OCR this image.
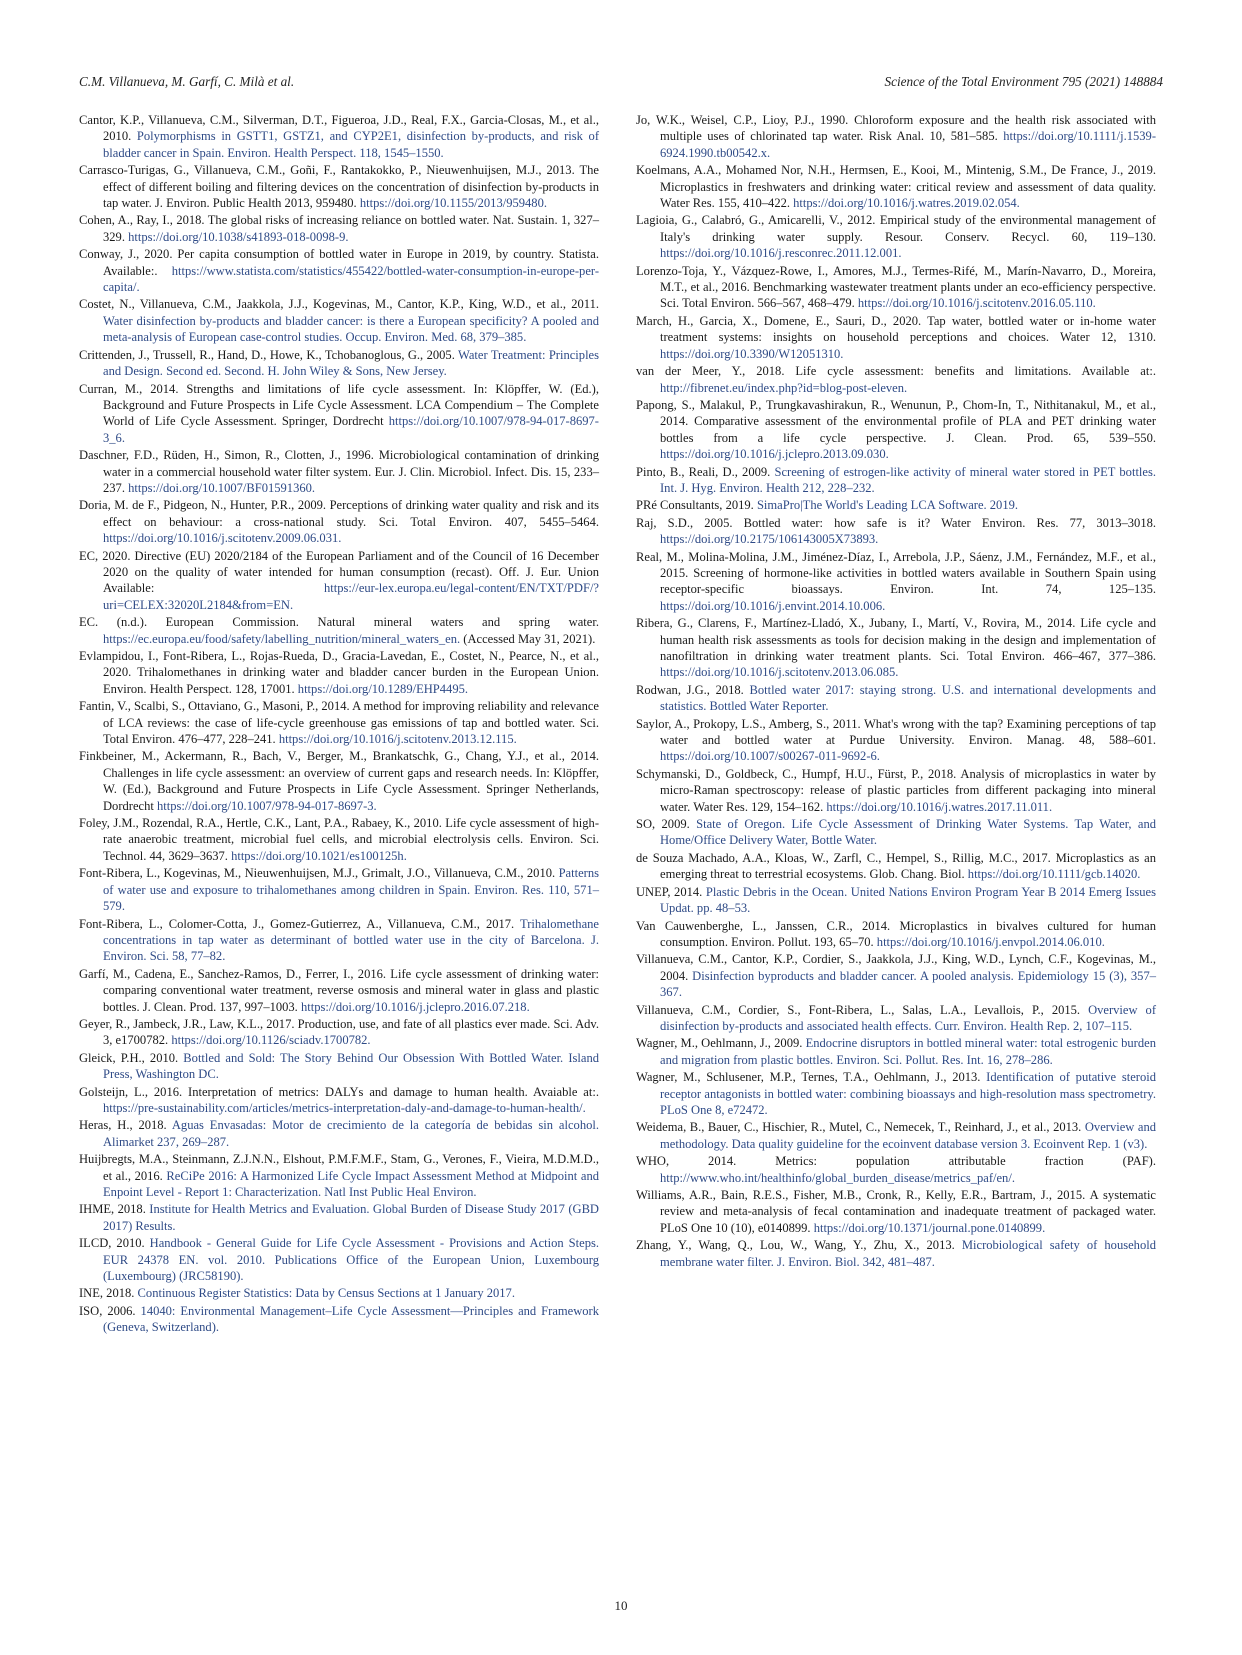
C.M. Villanueva, M. Garfí, C. Milà et al.	Science of the Total Environment 795 (2021) 148884

Cantor, K.P., Villanueva, C.M., Silverman, D.T., Figueroa, J.D., Real, F.X., Garcia-Closas, M., et al., 2010. Polymorphisms in GSTT1, GSTZ1, and CYP2E1, disinfection by-products, and risk of bladder cancer in Spain. Environ. Health Perspect. 118, 1545–1550.

Carrasco-Turigas, G., Villanueva, C.M., Goñi, F., Rantakokko, P., Nieuwenhuijsen, M.J., 2013. The effect of different boiling and filtering devices on the concentration of disinfection by-products in tap water. J. Environ. Public Health 2013, 959480. https://doi.org/10.1155/2013/959480.

Cohen, A., Ray, I., 2018. The global risks of increasing reliance on bottled water. Nat. Sustain. 1, 327–329. https://doi.org/10.1038/s41893-018-0098-9.

Conway, J., 2020. Per capita consumption of bottled water in Europe in 2019, by country. Statista. Available:. https://www.statista.com/statistics/455422/bottled-water-consumption-in-europe-per-capita/.

Costet, N., Villanueva, C.M., Jaakkola, J.J., Kogevinas, M., Cantor, K.P., King, W.D., et al., 2011. Water disinfection by-products and bladder cancer: is there a European specificity? A pooled and meta-analysis of European case-control studies. Occup. Environ. Med. 68, 379–385.

Crittenden, J., Trussell, R., Hand, D., Howe, K., Tchobanoglous, G., 2005. Water Treatment: Principles and Design. Second ed. Second. H. John Wiley & Sons, New Jersey.

Curran, M., 2014. Strengths and limitations of life cycle assessment. In: Klöpffer, W. (Ed.), Background and Future Prospects in Life Cycle Assessment. LCA Compendium – The Complete World of Life Cycle Assessment. Springer, Dordrecht https://doi.org/10.1007/978-94-017-8697-3_6.

Daschner, F.D., Rüden, H., Simon, R., Clotten, J., 1996. Microbiological contamination of drinking water in a commercial household water filter system. Eur. J. Clin. Microbiol. Infect. Dis. 15, 233–237. https://doi.org/10.1007/BF01591360.

Doria, M. de F., Pidgeon, N., Hunter, P.R., 2009. Perceptions of drinking water quality and risk and its effect on behaviour: a cross-national study. Sci. Total Environ. 407, 5455–5464. https://doi.org/10.1016/j.scitotenv.2009.06.031.

EC, 2020. Directive (EU) 2020/2184 of the European Parliament and of the Council of 16 December 2020 on the quality of water intended for human consumption (recast). Off. J. Eur. Union Available: https://eur-lex.europa.eu/legal-content/EN/TXT/PDF/?uri=CELEX:32020L2184&from=EN.

EC. (n.d.). European Commission. Natural mineral waters and spring water. https://ec.europa.eu/food/safety/labelling_nutrition/mineral_waters_en. (Accessed May 31, 2021).

Evlampidou, I., Font-Ribera, L., Rojas-Rueda, D., Gracia-Lavedan, E., Costet, N., Pearce, N., et al., 2020. Trihalomethanes in drinking water and bladder cancer burden in the European Union. Environ. Health Perspect. 128, 17001. https://doi.org/10.1289/EHP4495.

Fantin, V., Scalbi, S., Ottaviano, G., Masoni, P., 2014. A method for improving reliability and relevance of LCA reviews: the case of life-cycle greenhouse gas emissions of tap and bottled water. Sci. Total Environ. 476–477, 228–241. https://doi.org/10.1016/j.scitotenv.2013.12.115.

Finkbeiner, M., Ackermann, R., Bach, V., Berger, M., Brankatschk, G., Chang, Y.J., et al., 2014. Challenges in life cycle assessment: an overview of current gaps and research needs. In: Klöpffer, W. (Ed.), Background and Future Prospects in Life Cycle Assessment. Springer Netherlands, Dordrecht https://doi.org/10.1007/978-94-017-8697-3.

Foley, J.M., Rozendal, R.A., Hertle, C.K., Lant, P.A., Rabaey, K., 2010. Life cycle assessment of high-rate anaerobic treatment, microbial fuel cells, and microbial electrolysis cells. Environ. Sci. Technol. 44, 3629–3637. https://doi.org/10.1021/es100125h.

Font-Ribera, L., Kogevinas, M., Nieuwenhuijsen, M.J., Grimalt, J.O., Villanueva, C.M., 2010. Patterns of water use and exposure to trihalomethanes among children in Spain. Environ. Res. 110, 571–579.

Font-Ribera, L., Colomer-Cotta, J., Gomez-Gutierrez, A., Villanueva, C.M., 2017. Trihalomethane concentrations in tap water as determinant of bottled water use in the city of Barcelona. J. Environ. Sci. 58, 77–82.

Garfí, M., Cadena, E., Sanchez-Ramos, D., Ferrer, I., 2016. Life cycle assessment of drinking water: comparing conventional water treatment, reverse osmosis and mineral water in glass and plastic bottles. J. Clean. Prod. 137, 997–1003. https://doi.org/10.1016/j.jclepro.2016.07.218.

Geyer, R., Jambeck, J.R., Law, K.L., 2017. Production, use, and fate of all plastics ever made. Sci. Adv. 3, e1700782. https://doi.org/10.1126/sciadv.1700782.

Gleick, P.H., 2010. Bottled and Sold: The Story Behind Our Obsession With Bottled Water. Island Press, Washington DC.

Golsteijn, L., 2016. Interpretation of metrics: DALYs and damage to human health. Avaiable at:. https://pre-sustainability.com/articles/metrics-interpretation-daly-and-damage-to-human-health/.

Heras, H., 2018. Aguas Envasadas: Motor de crecimiento de la categoría de bebidas sin alcohol. Alimarket 237, 269–287.

Huijbregts, M.A., Steinmann, Z.J.N.N., Elshout, P.M.F.M.F., Stam, G., Verones, F., Vieira, M.D.M.D., et al., 2016. ReCiPe 2016: A Harmonized Life Cycle Impact Assessment Method at Midpoint and Enpoint Level - Report 1: Characterization. Natl Inst Public Heal Environ.

IHME, 2018. Institute for Health Metrics and Evaluation. Global Burden of Disease Study 2017 (GBD 2017) Results.

ILCD, 2010. Handbook - General Guide for Life Cycle Assessment - Provisions and Action Steps. EUR 24378 EN. vol. 2010. Publications Office of the European Union, Luxembourg (Luxembourg) (JRC58190).

INE, 2018. Continuous Register Statistics: Data by Census Sections at 1 January 2017.

ISO, 2006. 14040: Environmental Management–Life Cycle Assessment—Principles and Framework (Geneva, Switzerland).

Jo, W.K., Weisel, C.P., Lioy, P.J., 1990. Chloroform exposure and the health risk associated with multiple uses of chlorinated tap water. Risk Anal. 10, 581–585. https://doi.org/10.1111/j.1539-6924.1990.tb00542.x.

Koelmans, A.A., Mohamed Nor, N.H., Hermsen, E., Kooi, M., Mintenig, S.M., De France, J., 2019. Microplastics in freshwaters and drinking water: critical review and assessment of data quality. Water Res. 155, 410–422. https://doi.org/10.1016/j.watres.2019.02.054.

Lagioia, G., Calabró, G., Amicarelli, V., 2012. Empirical study of the environmental management of Italy's drinking water supply. Resour. Conserv. Recycl. 60, 119–130. https://doi.org/10.1016/j.resconrec.2011.12.001.

Lorenzo-Toja, Y., Vázquez-Rowe, I., Amores, M.J., Termes-Rifé, M., Marín-Navarro, D., Moreira, M.T., et al., 2016. Benchmarking wastewater treatment plants under an eco-efficiency perspective. Sci. Total Environ. 566–567, 468–479. https://doi.org/10.1016/j.scitotenv.2016.05.110.

March, H., Garcia, X., Domene, E., Sauri, D., 2020. Tap water, bottled water or in-home water treatment systems: insights on household perceptions and choices. Water 12, 1310. https://doi.org/10.3390/W12051310.

van der Meer, Y., 2018. Life cycle assessment: benefits and limitations. Available at:. http://fibrenet.eu/index.php?id=blog-post-eleven.

Papong, S., Malakul, P., Trungkavashirakun, R., Wenunun, P., Chom-In, T., Nithitanakul, M., et al., 2014. Comparative assessment of the environmental profile of PLA and PET drinking water bottles from a life cycle perspective. J. Clean. Prod. 65, 539–550. https://doi.org/10.1016/j.jclepro.2013.09.030.

Pinto, B., Reali, D., 2009. Screening of estrogen-like activity of mineral water stored in PET bottles. Int. J. Hyg. Environ. Health 212, 228–232.

PRé Consultants, 2019. SimaPro|The World's Leading LCA Software. 2019.

Raj, S.D., 2005. Bottled water: how safe is it? Water Environ. Res. 77, 3013–3018. https://doi.org/10.2175/106143005X73893.

Real, M., Molina-Molina, J.M., Jiménez-Díaz, I., Arrebola, J.P., Sáenz, J.M., Fernández, M.F., et al., 2015. Screening of hormone-like activities in bottled waters available in Southern Spain using receptor-specific bioassays. Environ. Int. 74, 125–135. https://doi.org/10.1016/j.envint.2014.10.006.

Ribera, G., Clarens, F., Martínez-Lladó, X., Jubany, I., Martí, V., Rovira, M., 2014. Life cycle and human health risk assessments as tools for decision making in the design and implementation of nanofiltration in drinking water treatment plants. Sci. Total Environ. 466–467, 377–386. https://doi.org/10.1016/j.scitotenv.2013.06.085.

Rodwan, J.G., 2018. Bottled water 2017: staying strong. U.S. and international developments and statistics. Bottled Water Reporter.

Saylor, A., Prokopy, L.S., Amberg, S., 2011. What's wrong with the tap? Examining perceptions of tap water and bottled water at Purdue University. Environ. Manag. 48, 588–601. https://doi.org/10.1007/s00267-011-9692-6.

Schymanski, D., Goldbeck, C., Humpf, H.U., Fürst, P., 2018. Analysis of microplastics in water by micro-Raman spectroscopy: release of plastic particles from different packaging into mineral water. Water Res. 129, 154–162. https://doi.org/10.1016/j.watres.2017.11.011.

SO, 2009. State of Oregon. Life Cycle Assessment of Drinking Water Systems. Tap Water, and Home/Office Delivery Water, Bottle Water.

de Souza Machado, A.A., Kloas, W., Zarfl, C., Hempel, S., Rillig, M.C., 2017. Microplastics as an emerging threat to terrestrial ecosystems. Glob. Chang. Biol. https://doi.org/10.1111/gcb.14020.

UNEP, 2014. Plastic Debris in the Ocean. United Nations Environ Program Year B 2014 Emerg Issues Updat. pp. 48–53.

Van Cauwenberghe, L., Janssen, C.R., 2014. Microplastics in bivalves cultured for human consumption. Environ. Pollut. 193, 65–70. https://doi.org/10.1016/j.envpol.2014.06.010.

Villanueva, C.M., Cantor, K.P., Cordier, S., Jaakkola, J.J., King, W.D., Lynch, C.F., Kogevinas, M., 2004. Disinfection byproducts and bladder cancer. A pooled analysis. Epidemiology 15 (3), 357–367.

Villanueva, C.M., Cordier, S., Font-Ribera, L., Salas, L.A., Levallois, P., 2015. Overview of disinfection by-products and associated health effects. Curr. Environ. Health Rep. 2, 107–115.

Wagner, M., Oehlmann, J., 2009. Endocrine disruptors in bottled mineral water: total estrogenic burden and migration from plastic bottles. Environ. Sci. Pollut. Res. Int. 16, 278–286.

Wagner, M., Schlusener, M.P., Ternes, T.A., Oehlmann, J., 2013. Identification of putative steroid receptor antagonists in bottled water: combining bioassays and high-resolution mass spectrometry. PLoS One 8, e72472.

Weidema, B., Bauer, C., Hischier, R., Mutel, C., Nemecek, T., Reinhard, J., et al., 2013. Overview and methodology. Data quality guideline for the ecoinvent database version 3. Ecoinvent Rep. 1 (v3).

WHO, 2014. Metrics: population attributable fraction (PAF). http://www.who.int/healthinfo/global_burden_disease/metrics_paf/en/.

Williams, A.R., Bain, R.E.S., Fisher, M.B., Cronk, R., Kelly, E.R., Bartram, J., 2015. A systematic review and meta-analysis of fecal contamination and inadequate treatment of packaged water. PLoS One 10 (10), e0140899. https://doi.org/10.1371/journal.pone.0140899.

Zhang, Y., Wang, Q., Lou, W., Wang, Y., Zhu, X., 2013. Microbiological safety of household membrane water filter. J. Environ. Biol. 342, 481–487.

10
